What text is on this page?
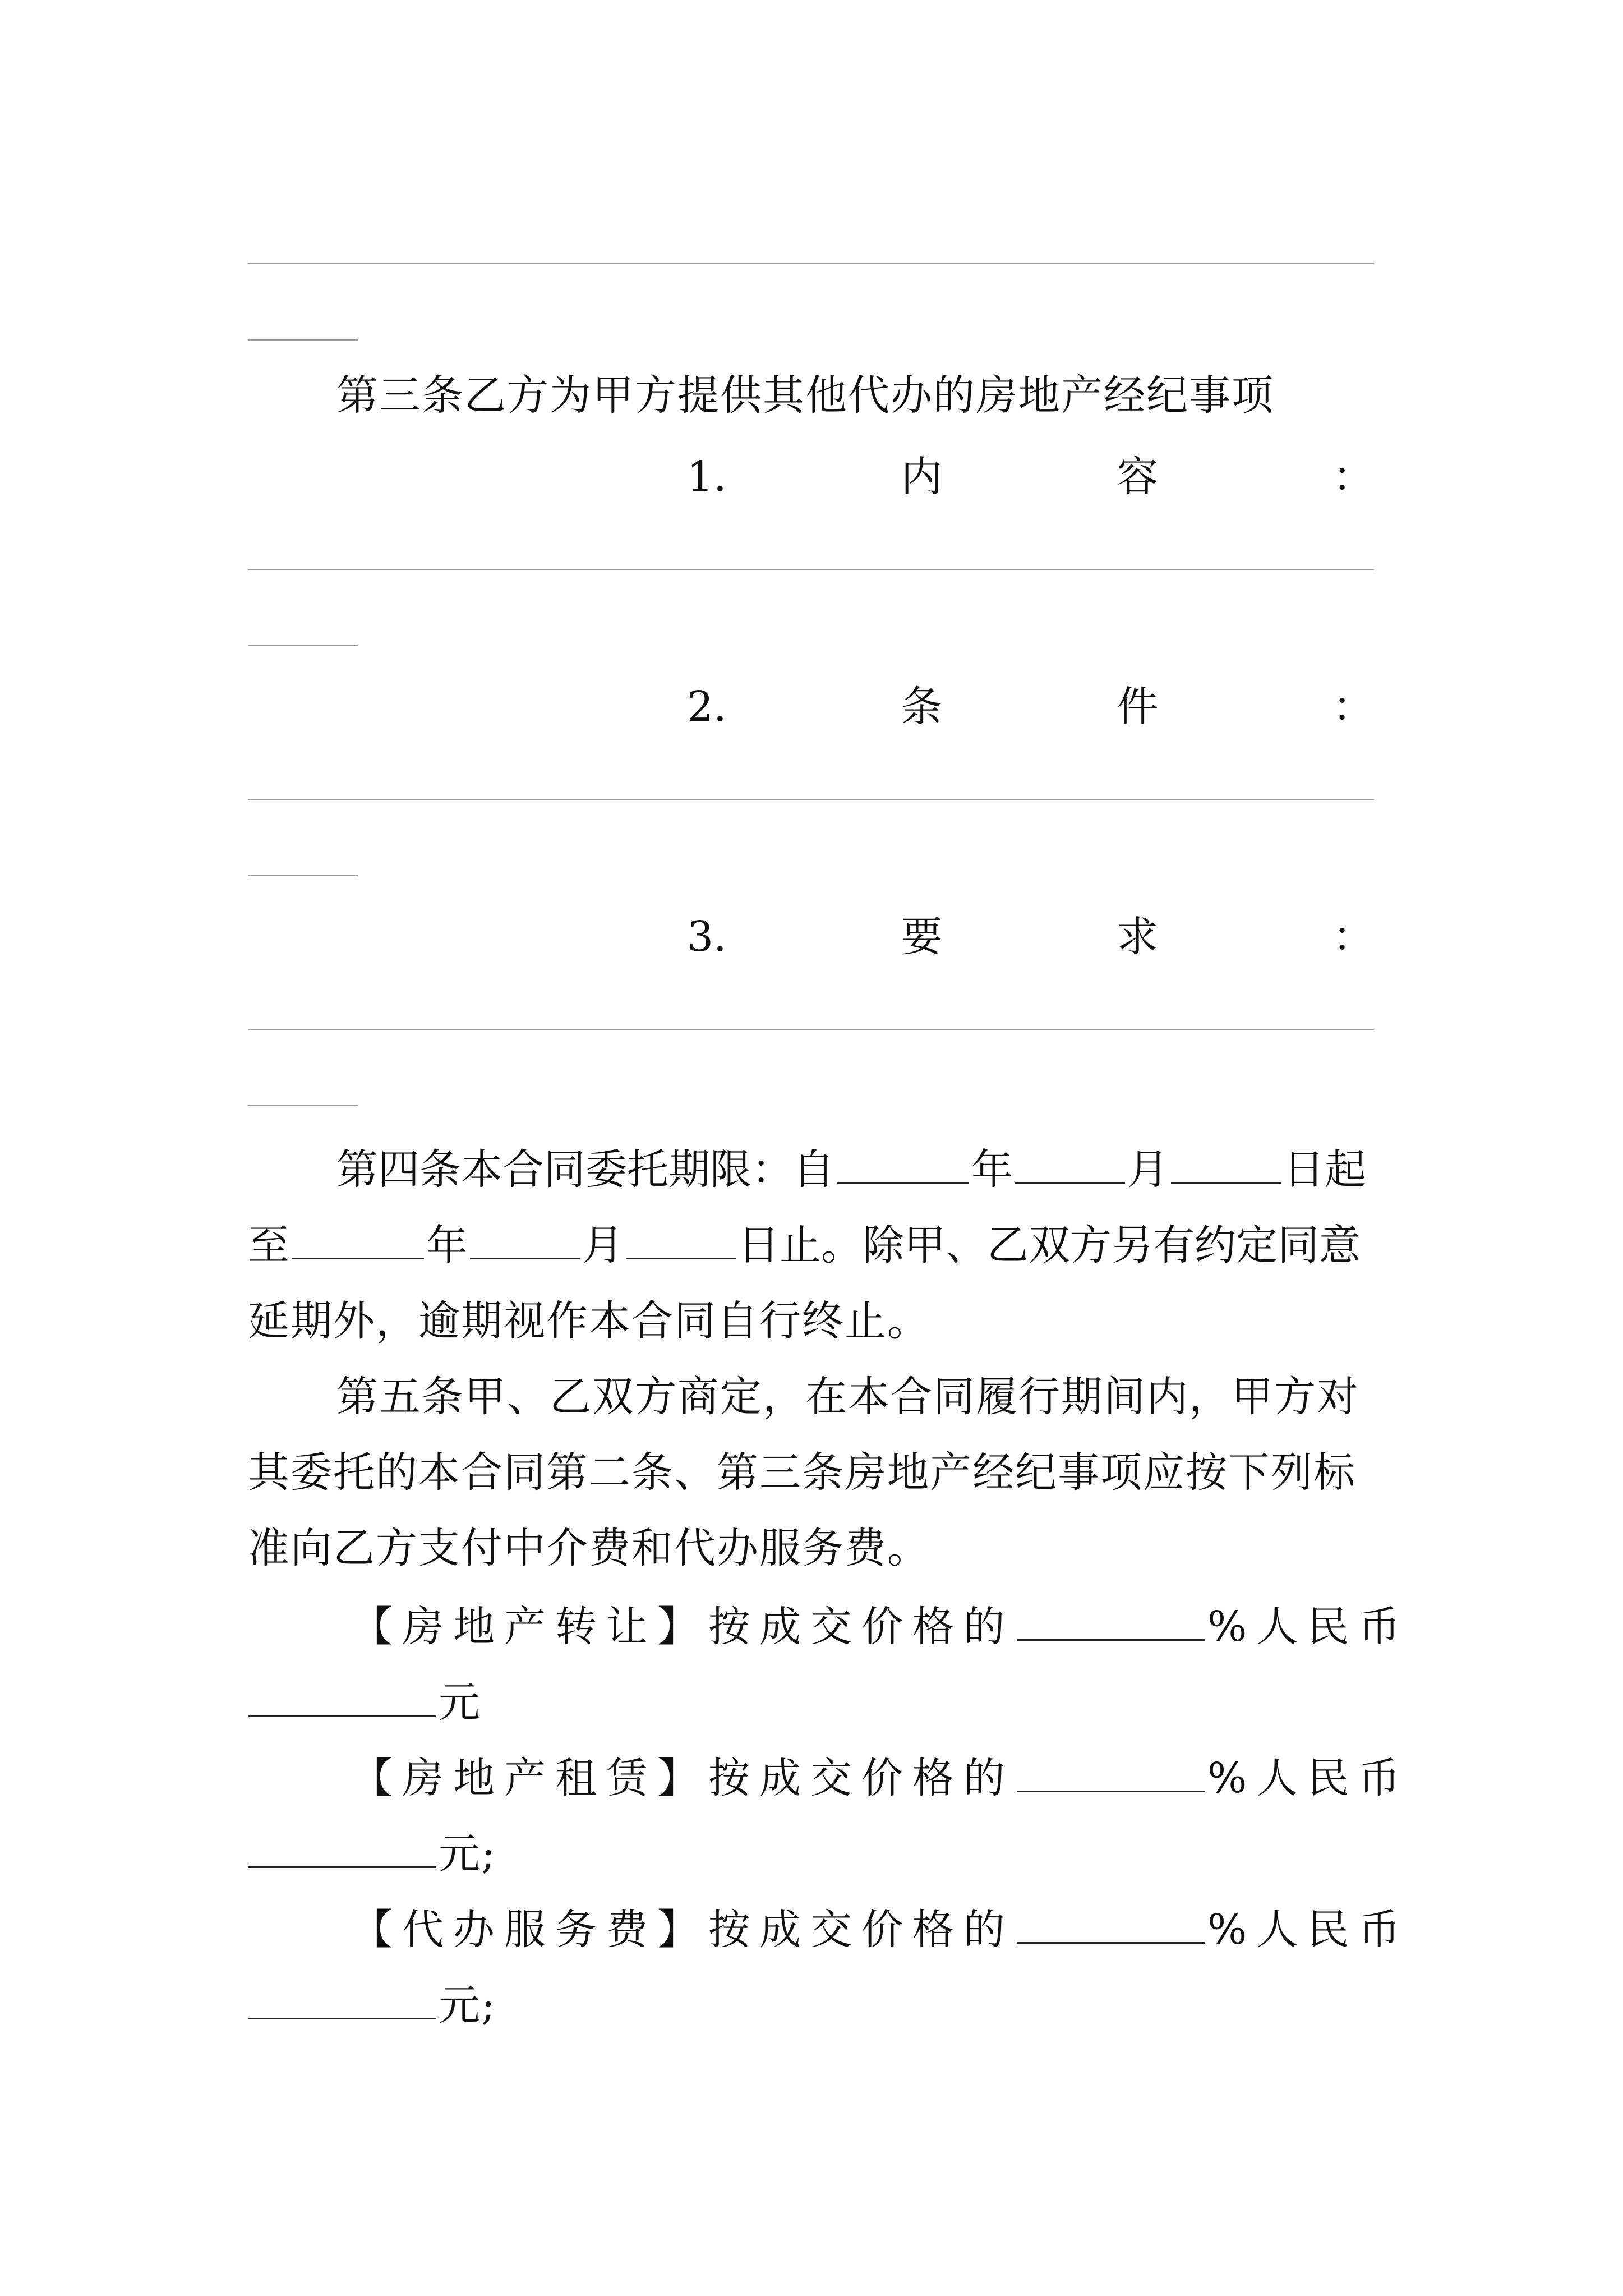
第三条乙方为甲方提供其他代办的房地产经纪事项
1.	内	容	：
2.	条	件	：
3.	要	求	：
第四条本合同委托期限：自	年	月	日起
至	年	月	日止。除甲、乙双方另有约定同意
延期外，逾期视作本合同自行终止。
第五条甲、乙双方商定，在本合同履行期间内，甲方对
其委托的本合同第二条、第三条房地产经纪事项应按下列标
准向乙方支付中介费和代办服务费。
【房地产转让】按成交价格的	%人民币
元
【房地产租赁】按成交价格的	%人民币
元;
【代办服务费】按成交价格的	%人民币
元;
